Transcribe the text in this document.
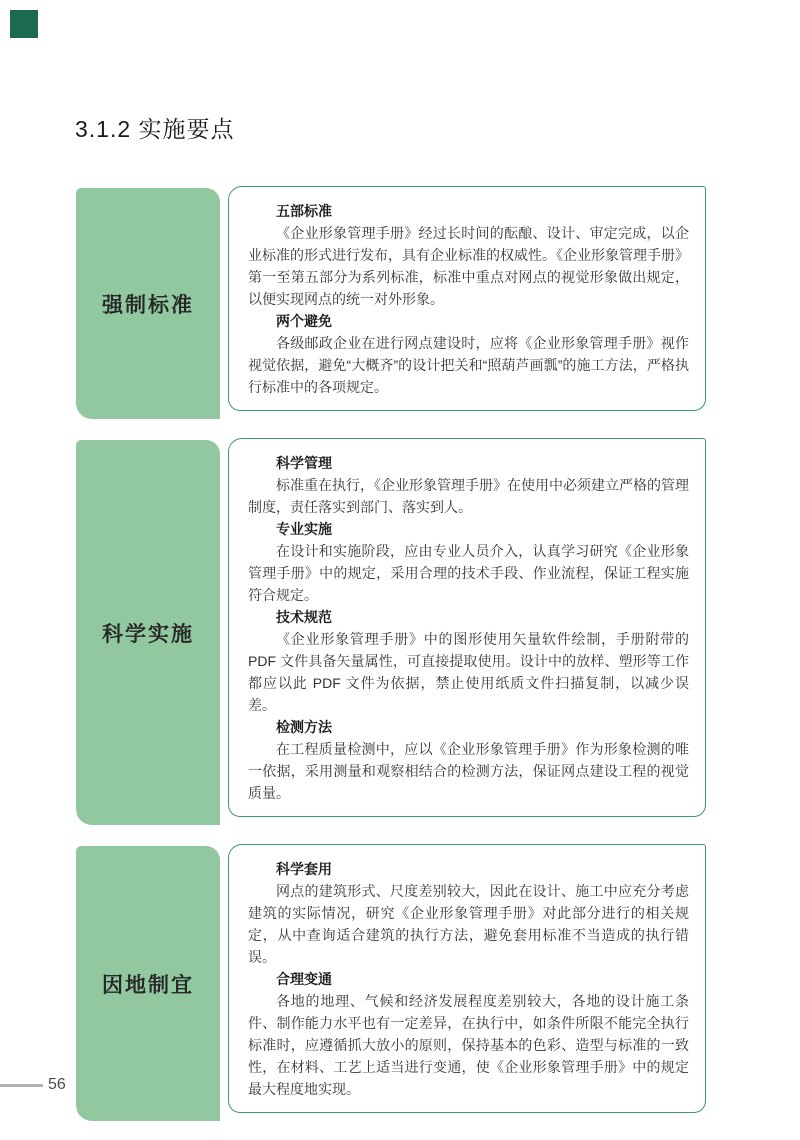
3.1.2 实施要点
强制标准
五部标准

《企业形象管理手册》经过长时间的酝酿、设计、审定完成，以企业标准的形式进行发布，具有企业标准的权威性。《企业形象管理手册》第一至第五部分为系列标准，标准中重点对网点的视觉形象做出规定，以便实现网点的统一对外形象。

两个避免

各级邮政企业在进行网点建设时，应将《企业形象管理手册》视作视觉依据，避免“大概齐”的设计把关和“照葫芦画瓢”的施工方法，严格执行标准中的各项规定。

科学实施
科学管理

标准重在执行，《企业形象管理手册》在使用中必须建立严格的管理制度，责任落实到部门、落实到人。

专业实施

在设计和实施阶段，应由专业人员介入，认真学习研究《企业形象管理手册》中的规定，采用合理的技术手段、作业流程，保证工程实施符合规定。

技术规范

《企业形象管理手册》中的图形使用矢量软件绘制，手册附带的 PDF 文件具备矢量属性，可直接提取使用。设计中的放样、塑形等工作都应以此 PDF 文件为依据，禁止使用纸质文件扫描复制，以减少误差。

检测方法

在工程质量检测中，应以《企业形象管理手册》作为形象检测的唯一依据，采用测量和观察相结合的检测方法，保证网点建设工程的视觉质量。

因地制宜
科学套用

网点的建筑形式、尺度差别较大，因此在设计、施工中应充分考虑建筑的实际情况，研究《企业形象管理手册》对此部分进行的相关规定，从中查询适合建筑的执行方法，避免套用标准不当造成的执行错误。

合理变通

各地的地理、气候和经济发展程度差别较大，各地的设计施工条件、制作能力水平也有一定差异，在执行中，如条件所限不能完全执行标准时，应遵循抓大放小的原则，保持基本的色彩、造型与标准的一致性，在材料、工艺上适当进行变通，使《企业形象管理手册》中的规定最大程度地实现。

56
